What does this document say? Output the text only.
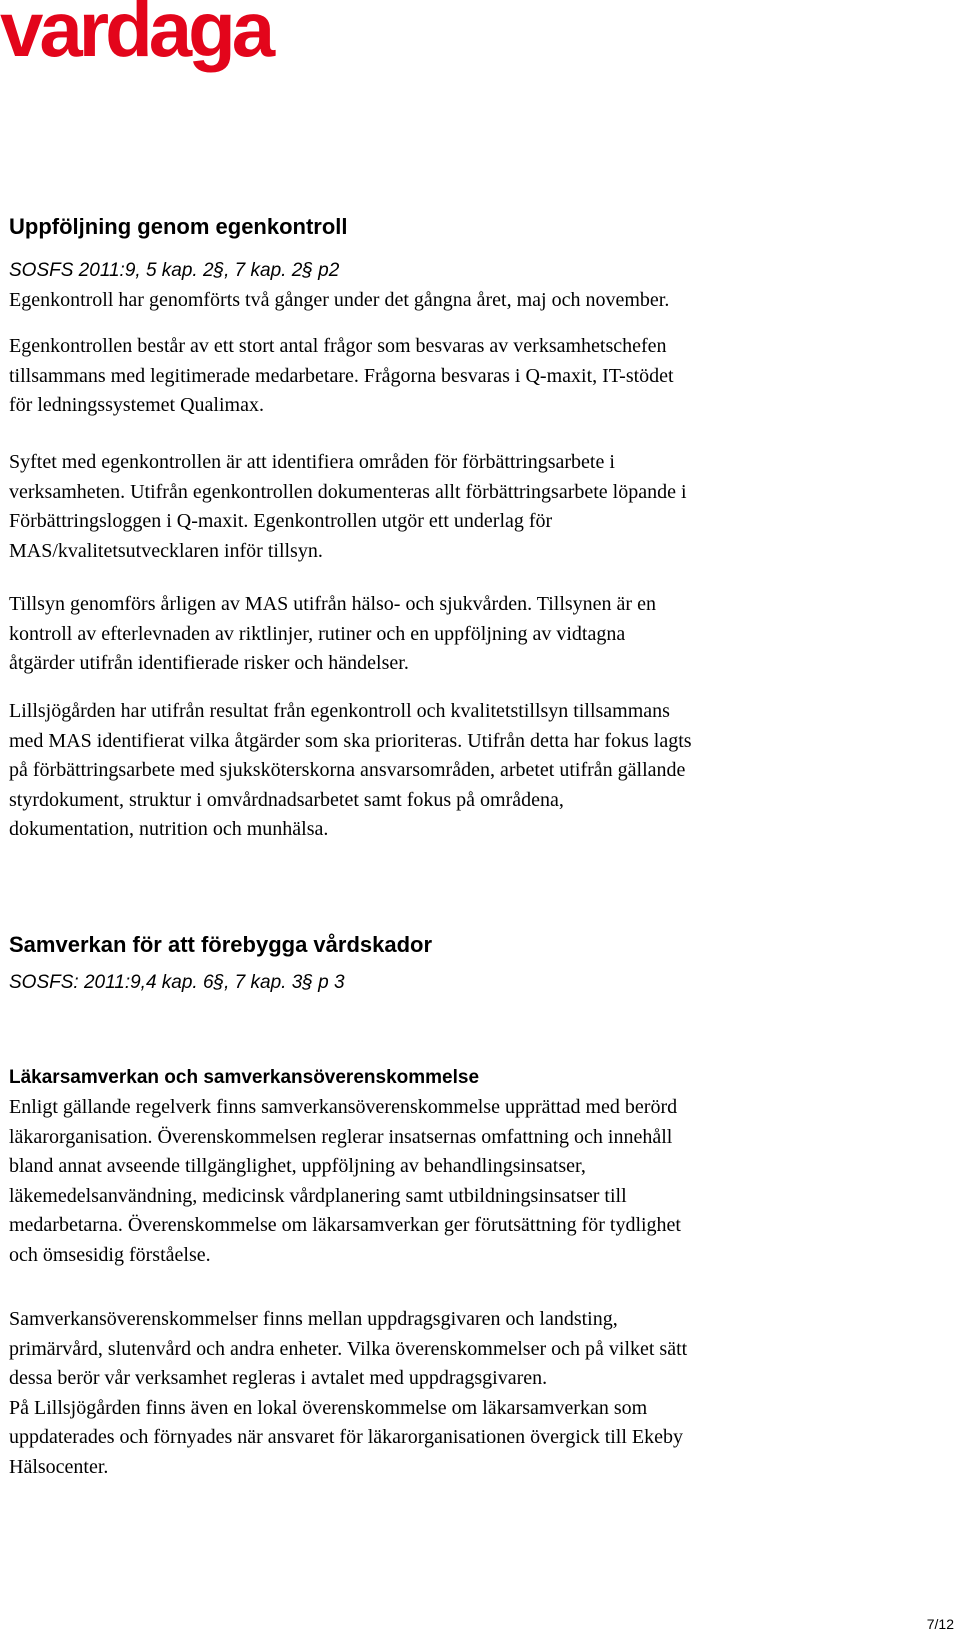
vardaga
Uppföljning genom egenkontroll
SOSFS 2011:9, 5 kap. 2§, 7 kap. 2§ p2
Egenkontroll har genomförts två gånger under det gångna året, maj och november.
Egenkontrollen består av ett stort antal frågor som besvaras av verksamhetschefen
tillsammans med legitimerade medarbetare. Frågorna besvaras i Q-maxit, IT-stödet
för ledningssystemet Qualimax.
Syftet med egenkontrollen är att identifiera områden för förbättringsarbete i
verksamheten. Utifrån egenkontrollen dokumenteras allt förbättringsarbete löpande i
Förbättringsloggen i Q-maxit. Egenkontrollen utgör ett underlag för
MAS/kvalitetsutvecklaren inför tillsyn.
Tillsyn genomförs årligen av MAS utifrån hälso- och sjukvården. Tillsynen är en
kontroll av efterlevnaden av riktlinjer, rutiner och en uppföljning av vidtagna
åtgärder utifrån identifierade risker och händelser.
Lillsjögården har utifrån resultat från egenkontroll och kvalitetstillsyn tillsammans
med MAS identifierat vilka åtgärder som ska prioriteras. Utifrån detta har fokus lagts
på förbättringsarbete med sjuksköterskorna ansvarsområden, arbetet utifrån gällande
styrdokument, struktur i omvårdnadsarbetet samt fokus på områdena,
dokumentation, nutrition och munhälsa.
Samverkan för att förebygga vårdskador
SOSFS: 2011:9,4 kap. 6§, 7 kap. 3§ p 3
Läkarsamverkan och samverkansöverenskommelse
Enligt gällande regelverk finns samverkansöverenskommelse upprättad med berörd
läkarorganisation. Överenskommelsen reglerar insatsernas omfattning och innehåll
bland annat avseende tillgänglighet, uppföljning av behandlingsinsatser,
läkemedelsanvändning, medicinsk vårdplanering samt utbildningsinsatser till
medarbetarna. Överenskommelse om läkarsamverkan ger förutsättning för tydlighet
och ömsesidig förståelse.
Samverkansöverenskommelser finns mellan uppdragsgivaren och landsting,
primärvård, slutenvård och andra enheter. Vilka överenskommelser och på vilket sätt
dessa berör vår verksamhet regleras i avtalet med uppdragsgivaren.
På Lillsjögården finns även en lokal överenskommelse om läkarsamverkan som
uppdaterades och förnyades när ansvaret för läkarorganisationen övergick till Ekeby
Hälsocenter.
7/12
